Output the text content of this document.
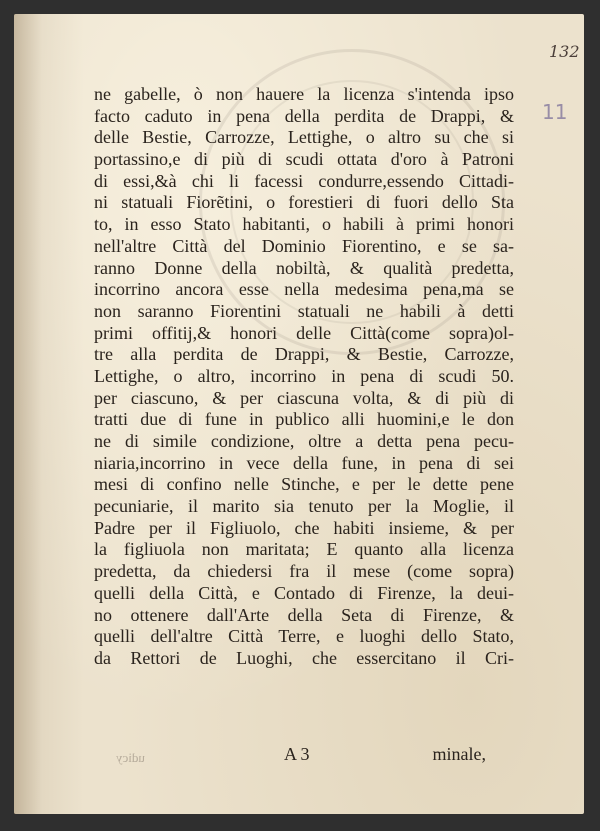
132
11
ne gabelle, ò non hauere la licenza s'intenda ipso
facto caduto in pena della perdita de Drappi, &
delle Bestie, Carrozze, Lettighe, o altro su che si
portassino,e di più di scudi ottata d'oro à Patroni
di essi,&à chi li facessi condurre,essendo Cittadi-
ni statuali Fiorẽtini, o forestieri di fuori dello Sta
to, in esso Stato habitanti, o habili à primi honori
nell'altre Città del Dominio Fiorentino, e se sa-
ranno Donne della nobiltà, & qualità predetta,
incorrino ancora esse nella medesima pena,ma se
non saranno Fiorentini statuali ne habili à detti
primi offitij,& honori delle Città(come sopra)ol-
tre alla perdita de Drappi, & Bestie, Carrozze,
Lettighe, o altro, incorrino in pena di scudi 50.
per ciascuno, & per ciascuna volta, & di più di
tratti due di fune in publico alli huomini,e le don
ne di simile condizione, oltre a detta pena pecu-
niaria,incorrino in vece della fune, in pena di sei
mesi di confino nelle Stinche, e per le dette pene
pecuniarie, il marito sia tenuto per la Moglie, il
Padre per il Figliuolo, che habiti insieme, & per
la figliuola non maritata; E quanto alla licenza
predetta, da chiedersi fra il mese (come sopra)
quelli della Città, e Contado di Firenze, la deui-
no ottenere dall'Arte della Seta di Firenze, &
quelli dell'altre Città Terre, e luoghi dello Stato,
da Rettori de Luoghi, che essercitano il Cri-
udicy	A 3	minale,
